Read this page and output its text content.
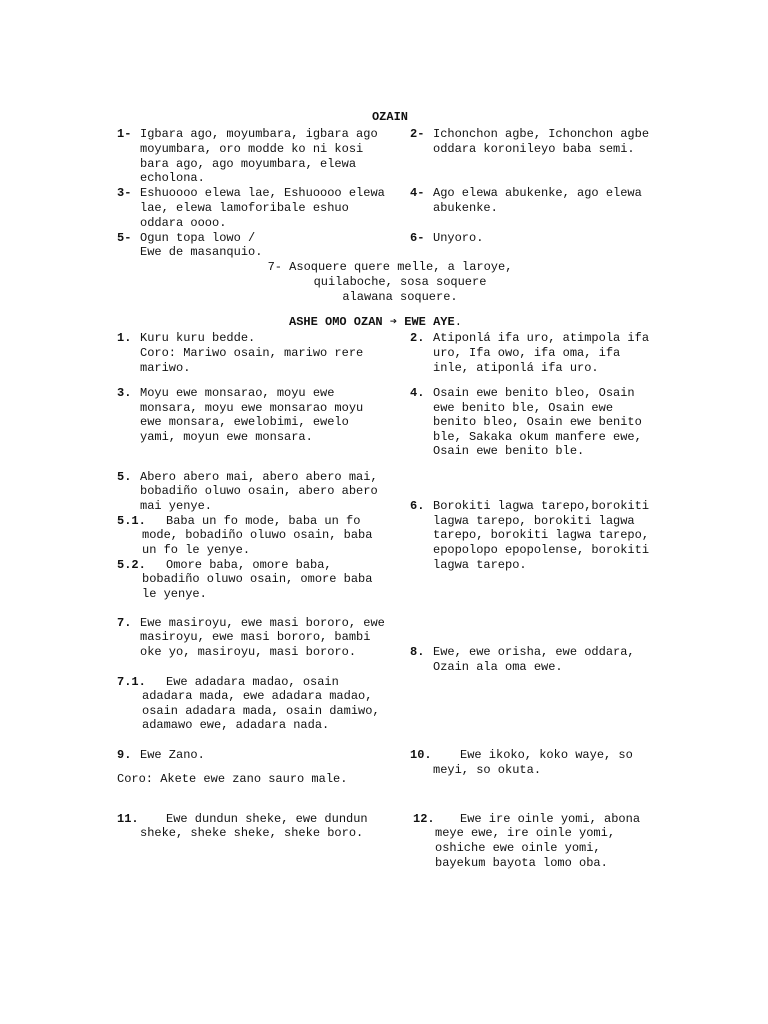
OZAIN
1- Igbara ago, moyumbara, igbara ago
moyumbara, oro modde ko ni kosi
bara ago, ago moyumbara, elewa
echolona.
2- Ichonchon agbe, Ichonchon agbe
oddara koronileyo baba semi.
3- Eshuoooo elewa lae, Eshuoooo elewa
lae, elewa lamoforibale eshuo
oddara oooo.
4- Ago elewa abukenke, ago elewa
abukenke.
5- Ogun topa lowo /
Ewe de masanquio.
6- Unyoro.
7- Asoquere quere melle, a laroye,
quilaboche, sosa soquere
alawana soquere.
ASHE OMO OZAN ➔ EWE AYE.
1. Kuru kuru bedde.
Coro: Mariwo osain, mariwo rere
mariwo.
2. Atiponlá ifa uro, atimpola ifa
uro, Ifa owo, ifa oma, ifa
inle, atiponlá ifa uro.
3. Moyu ewe monsarao, moyu ewe
monsara, moyu ewe monsarao moyu
ewe monsara, ewelobimi, ewelo
yami, moyun ewe monsara.
4. Osain ewe benito bleo, Osain
ewe benito ble, Osain ewe
benito bleo, Osain ewe benito
ble, Sakaka okum manfere ewe,
Osain ewe benito ble.
5. Abero abero mai, abero abero mai,
bobadiño oluwo osain, abero abero
mai yenye.
5.1. Baba un fo mode, baba un fo
mode, bobadiño oluwo osain, baba
un fo le yenye.
5.2. Omore baba, omore baba,
bobadiño oluwo osain, omore baba
le yenye.
6. Borokiti lagwa tarepo,borokiti
lagwa tarepo, borokiti lagwa
tarepo, borokiti lagwa tarepo,
epopolopo epopolense, borokiti
lagwa tarepo.
7. Ewe masiroyu, ewe masi bororo, ewe
masiroyu, ewe masi bororo, bambi
oke yo, masiroyu, masi bororo.	8. Ewe, ewe orisha, ewe oddara,
Ozain ala oma ewe.
7.1. Ewe adadara madao, osain
adadara mada, ewe adadara madao,
osain adadara mada, osain damiwo,
adamawo ewe, adadara nada.
9. Ewe Zano.
Coro: Akete ewe zano sauro male.
10. Ewe ikoko, koko waye, so
meyi, so okuta.
11. Ewe dundun sheke, ewe dundun
sheke, sheke sheke, sheke boro.
12. Ewe ire oinle yomi, abona
meye ewe, ire oinle yomi,
oshiche ewe oinle yomi,
bayekum bayota lomo oba.
